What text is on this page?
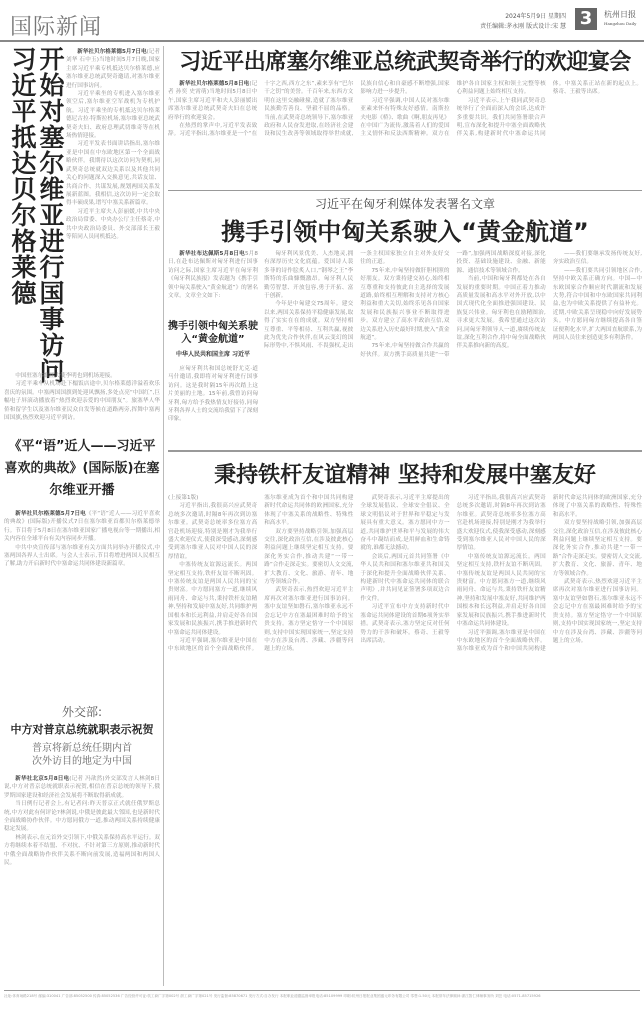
国际新闻	2024年5月9日 星期四
责任编辑:茅永刚 版式设计:宋 慧 3	杭州日报
Hangzhou Daily
开始对塞尔维亚进行国事访问
习近平抵达贝尔格莱德	新华社贝尔格莱德5月7日电(记者 刘华 石中玉)当地时间5月7日晚,国家主席习近平乘专机抵达贝尔格莱德,应塞尔维亚总统武契奇邀请,对塞尔维亚进行国事访问。

习近平乘坐的专机进入塞尔维亚领空后,塞尔维亚空军战机为专机护航。习近平乘坐的专机抵达贝尔格莱德尼古拉·特斯拉机场,塞尔维亚总统武契奇夫妇、政府总理武切维奇等在机场热情迎接。

习近平发表书面讲话指出,塞尔维亚是中国在中东欧地区第一个全面战略伙伴。我期待以这次访问为契机,同武契奇总统就双边关系以及其他共同关心的问题深入交换意见,共话友谊、共商合作、共谋发展,规划两国关系发展新蓝图。我相信,这次访问一定会取得丰硕成果,谱写中塞关系新篇章。

习近平主席夫人彭丽媛,中共中央政治局常委、中央办公厅主任蔡奇,中共中央政治局委员、外交部部长王毅等陪同人员同机抵达。

中国驻塞尔维亚大使李明也到机场迎接。

习近平乘车从机场赴下榻饭店途中,贝尔格莱德洋溢着欢乐喜庆的氛围。中塞两国国旗到处迎风飘扬,多处点亮“中国红”,巨幅电子屏滚动播放着“热烈欢迎亲爱的中国朋友”。旅塞华人华侨和留学生以及塞尔维亚民众自发等候在道路两旁,挥舞中塞两国国旗,热烈欢迎习近平到访。

《平“语”近人——习近平喜欢的典故》(国际版)在塞尔维亚开播

新华社贝尔格莱德5月7日电《平“语”近人——习近平喜欢的典故》(国际版)开播仪式7日在塞尔维亚首都贝尔格莱德举行。节目将于5月8日在塞尔维亚国家广播电视台等一期播出,相关内容在全球平台有关内容同步开播。

中共中央宣传部与塞尔维亚有关方面共同举办开播仪式,中塞两国各界人士出席。与会人士表示,节目将增进两国人民相互了解,助力开启新时代中塞命运共同体建设新篇章。

外交部:
中方对普京总统就职表示祝贺
普京将新总统任期内首次外访目的地定为中国

新华社北京5月8日电(记者 冯歆然)外交部发言人林剑8日说,中方对普京总统就职表示祝贺,相信在普京总统的领导下,俄罗斯国家建设和经济社会发展将不断取得新成就。

当日例行记者会上,有记者问:昨天普京正式就任俄罗斯总统,中方对此有何评论?林剑说,中俄是彼此最大邻国,也是新时代全面战略协作伙伴。中方愿同俄方一道,推动两国关系持续健康稳定发展。

林剑表示,在元首外交引领下,中俄关系保持高水平运行。双方将继续本着不结盟、不对抗、不针对第三方原则,推动新时代中俄全面战略协作伙伴关系不断向前发展,造福两国和两国人民。

习近平出席塞尔维亚总统武契奇举行的欢迎宴会

新华社贝尔格莱德5月8日电(记者 孙奕 史霄萌)当地时间5月8日中午,国家主席习近平和夫人彭丽媛出席塞尔维亚总统武契奇夫妇在总统府举行的欢迎宴会。

在热烈的掌声中,习近平发表致辞。习近平指出,塞尔维亚是一个“在十字之西,西方之东”,素来享有“巴尔干之钥”的美誉。千百年来,东西方文明在这里交融碰撞,造就了塞尔维亚民族勤劳善良、坚毅不屈的品格。当前,在武契奇总统领导下,塞尔维亚政府和人民奋发进取,在经济社会建设和民生改善等领域取得举世成就,民族自信心和自豪感不断增强,国家影响力进一步提升。

习近平强调,中国人民对塞尔维亚素来怀有特殊友好感情。南斯拉夫电影《桥》、歌曲《啊,朋友再见》在中国广为流传,激荡着人们的爱国主义情怀和反法西斯精神。双方在维护各自国家主权和领土完整等核心利益问题上始终相互支持。

习近平表示,上午我同武契奇总统举行了全面而深入的会谈,达成许多重要共识。我们共同签署联合声明,宣布深化和提升中塞全面战略伙伴关系,构建新时代中塞命运共同体。中塞关系正站在新的起点上。蔡奇、王毅等出席。

习近平在匈牙利媒体发表署名文章
携手引领中匈关系驶入“黄金航道”

新华社布达佩斯5月8日电5月8日,在赴布达佩斯对匈牙利进行国事访问之际,国家主席习近平在匈牙利《匈牙利民族报》发表题为《携手引领中匈关系驶入“黄金航道”》的署名文章。文章全文如下:

携手引领中匈关系驶入“黄金航道”
中华人民共和国主席 习近平

应匈牙利共和国总统舒尤克·道马什邀请,我即将对匈牙利进行国事访问。这是我时隔15年再次踏上这片美丽的土地。15年前,我曾访问匈牙利,匈方给予我热情友好接待,同匈牙利各界人士的交流给我留下了深刻印象。

匈牙利风景优美、人杰地灵,拥有深厚历史文化底蕴。爱国诗人裴多菲的诗作脍炙人口,“钢琴之王”李斯特的乐曲慷慨激昂。匈牙利人民勤劳智慧、开放包容,勇于开拓、富于创新。

今年是中匈建交75周年。建交以来,两国关系保持平稳健康发展,取得了实实在在的成就。双方坚持相互尊重、平等相待、互利共赢,视彼此为优先合作伙伴,在风云变幻的国际形势中,不惧风雨、不畏强权,走出一条主权国家独立自主对外友好交往的正道。

75年来,中匈坚持做肝胆相照的好朋友。双方秉持建交初心,始终相互尊重和支持彼此自主选择的发展道路,始终相互理解和支持对方核心利益和重大关切,始终乐见各自国家发展和民族振兴事业不断取得进步。双方建立了高水平政治互信,双边关系进入历史最好时期,驶入“黄金航道”。

75年来,中匈坚持做合作共赢的好伙伴。双方携手高质量共建“一带一路”,加强两国战略深度对接,深化投资、基础设施建设、金融、新能源、通信技术等领域合作。

当前,中国和匈牙利都处在各自发展的重要时期。中国正着力推动高质量发展和高水平对外开放,以中国式现代化全面推进强国建设、民族复兴伟业。匈牙利也在励精图治,寻求更大发展。我希望通过这次访问,同匈牙利领导人一道,赓续传统友谊,深化互利合作,将中匈全面战略伙伴关系推向新的高度。

——我们要继承发扬传统友好,夯实政治互信。

——我们要共同引领地区合作,坚持中欧关系正确方向。中国—中东欧国家合作顺应时代潮流和发展大势,符合中国和中东欧国家共同利益,也为中欧关系提供了有益补充。近期,中欧关系呈现稳中向好发展势头。中方愿同匈方继续提高各自签证便利化水平,扩大两国直航联系,为两国人员往来创造更多有利条件。

秉持铁杆友谊精神 坚持和发展中塞友好

(上接第1版)

习近平指出,我很高兴应武契奇总统多次邀请,时隔8年再次到访塞尔维亚。武契奇总统率多位塞方高官赴机场迎接,特别是刚才为我举行盛大欢迎仪式,使我深受感动,深刻感受到塞尔维亚人民对中国人民的深厚情谊。

中塞传统友谊源远流长。两国坚定相互支持,铁杆友谊不断巩固。中塞传统友谊是两国人民共同的宝贵财富。中方愿同塞方一道,继续风雨同舟、命运与共,秉持铁杆友谊精神,坚持和发展中塞友好,共同维护两国根本和长远利益,并肩走好各自国家发展和民族振兴,携手推进新时代中塞命运共同体建设。

习近平强调,塞尔维亚是中国在中东欧地区的首个全面战略伙伴。塞尔维亚成为首个和中国共同构建新时代命运共同体的欧洲国家,充分体现了中塞关系的战略性、特殊性和高水平。

双方要坚持战略引领,加强高层交往,深化政治互信,在涉及彼此核心利益问题上继续坚定相互支持。要深化务实合作,推动共建“一带一路”合作走深走实。要密切人文交流,扩大教育、文化、旅游、青年、地方等领域合作。

武契奇表示,热烈欢迎习近平主席再次对塞尔维亚进行国事访问。塞中友谊坚如磐石,塞尔维亚永远不会忘记中方在塞最困难时给予的宝贵支持。塞方坚定恪守一个中国原则,支持中国实现国家统一,坚定支持中方在涉及台湾、涉藏、涉疆等问题上的立场。

武契奇表示,习近平主席提出的全球发展倡议、全球安全倡议、全球文明倡议对于世界和平稳定与发展具有重大意义。塞方愿同中方一道,共同维护世界和平与发展的伟大奋斗中凝结而成,是用鲜血和生命铸就的,谁都无法撼动。

会谈后,两国元首共同签署《中华人民共和国和塞尔维亚共和国关于深化和提升全面战略伙伴关系、构建新时代中塞命运共同体的联合声明》,并共同见证签署多项双边合作文件。

习近平宣布中方支持新时代中塞命运共同体建设的首期6项务实举措。武契奇表示,塞方坚定反对任何势力的干涉和破坏。蔡奇、王毅等出席活动。

习近平指出,我很高兴应武契奇总统多次邀请,时隔8年再次到访塞尔维亚。武契奇总统率多位塞方高官赴机场迎接,特别是刚才为我举行盛大欢迎仪式,使我深受感动,深刻感受到塞尔维亚人民对中国人民的深厚情谊。

中塞传统友谊源远流长。两国坚定相互支持,铁杆友谊不断巩固。中塞传统友谊是两国人民共同的宝贵财富。中方愿同塞方一道,继续风雨同舟、命运与共,秉持铁杆友谊精神,坚持和发展中塞友好,共同维护两国根本和长远利益,并肩走好各自国家发展和民族振兴,携手推进新时代中塞命运共同体建设。

习近平强调,塞尔维亚是中国在中东欧地区的首个全面战略伙伴。塞尔维亚成为首个和中国共同构建新时代命运共同体的欧洲国家,充分体现了中塞关系的战略性、特殊性和高水平。

双方要坚持战略引领,加强高层交往,深化政治互信,在涉及彼此核心利益问题上继续坚定相互支持。要深化务实合作,推动共建“一带一路”合作走深走实。要密切人文交流,扩大教育、文化、旅游、青年、地方等领域合作。

武契奇表示,热烈欢迎习近平主席再次对塞尔维亚进行国事访问。塞中友谊坚如磐石,塞尔维亚永远不会忘记中方在塞最困难时给予的宝贵支持。塞方坚定恪守一个中国原则,支持中国实现国家统一,坚定支持中方在涉及台湾、涉藏、涉疆等问题上的立场。

社址:体育场路218号 邮编:310041 广告部:85052500 传真:85052536 广告经营许可证:杭工商广字第002号 浙工商广字第021号 发行监督:85870671 发行方式:自办发行 本报职业道德监督举报电话:85109999 印刷:杭州日报报业集团盛元印务有限公司 零售:1.50元 本报常年法律顾问:浙江智仁律师事务所 刘芸 电话:0571-85715926
